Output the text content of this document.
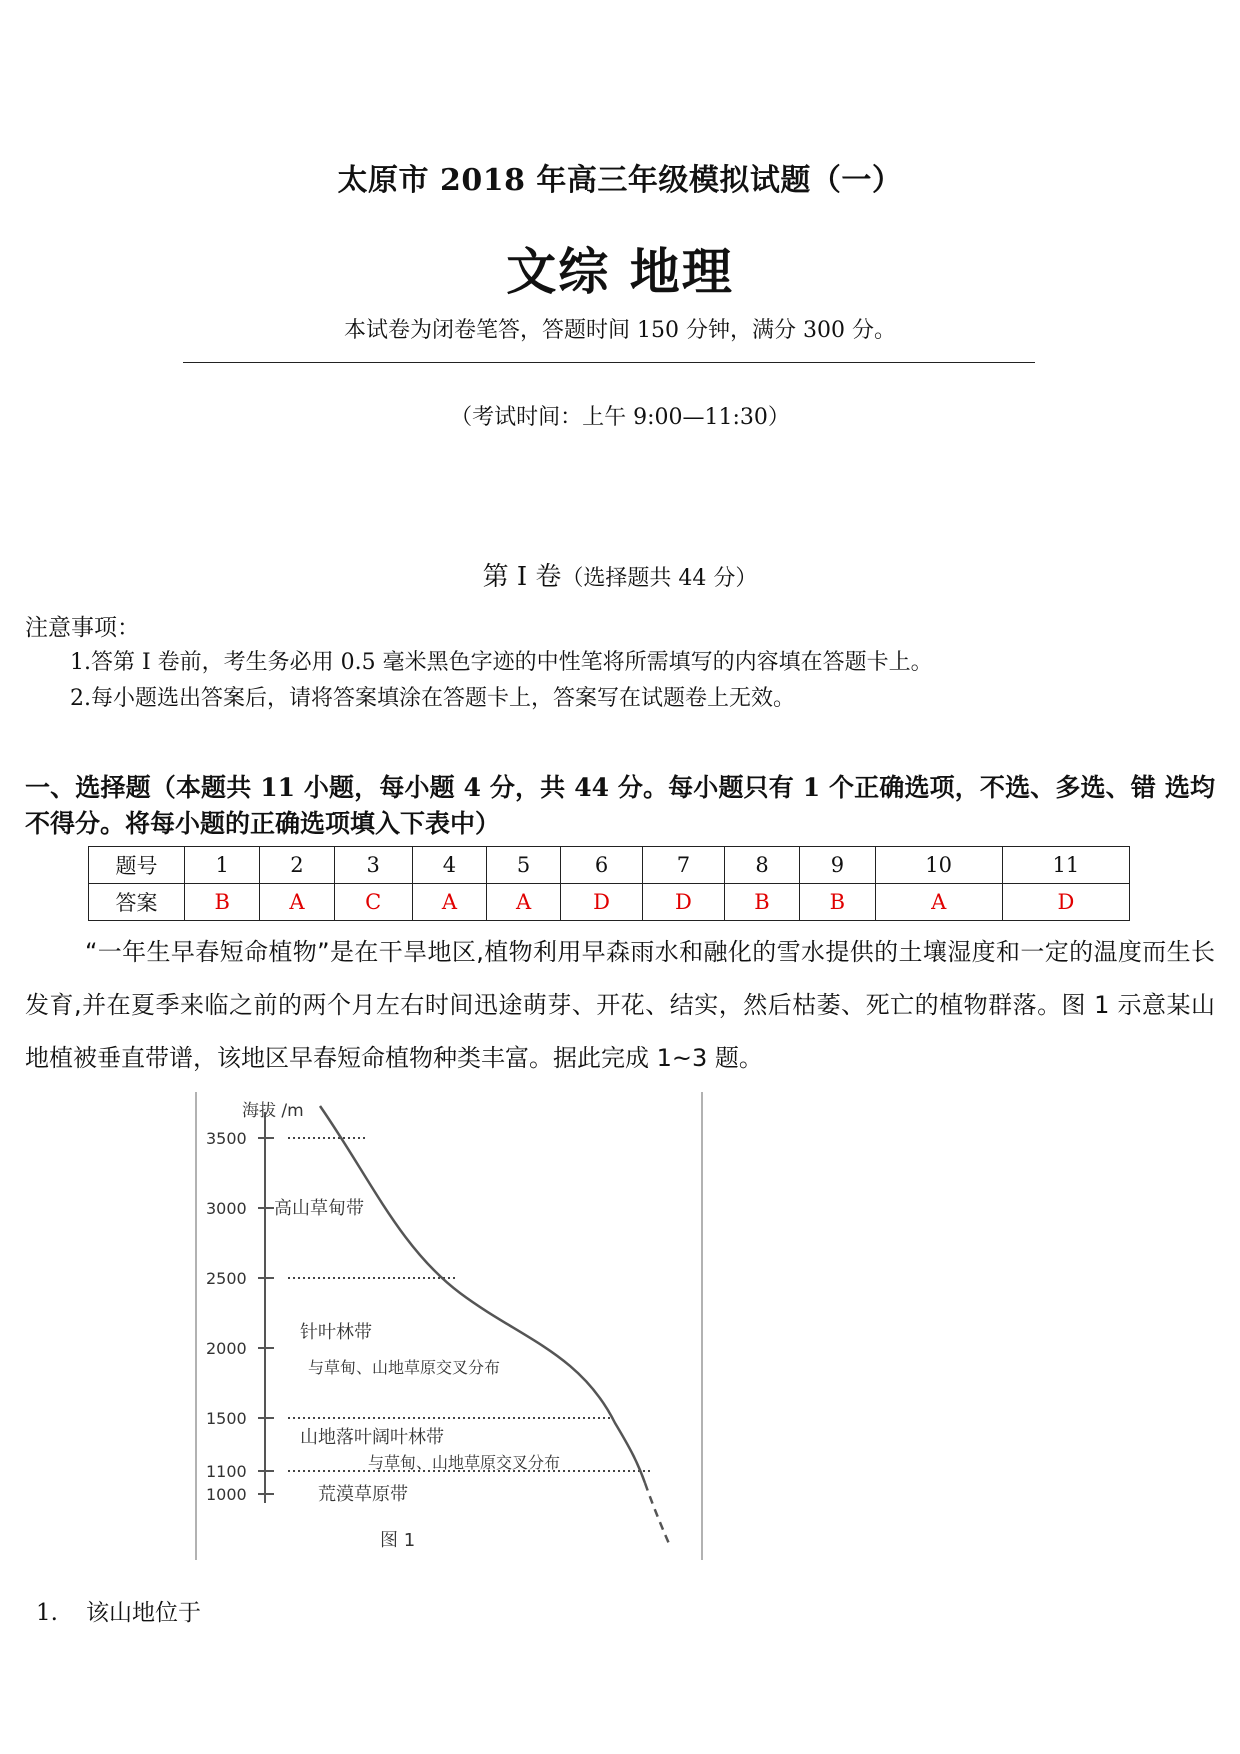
太原市 2018 年高三年级模拟试题（一）
文综 地理
本试卷为闭卷笔答，答题时间 150 分钟，满分 300 分。
（考试时间：上午 9:00—11:30）
第 Ⅰ 卷（选择题共 44 分）
注意事项：
1.答第 I 卷前，考生务必用 0.5 毫米黑色字迹的中性笔将所需填写的内容填在答题卡上。
2.每小题选出答案后，请将答案填涂在答题卡上，答案写在试题卷上无效。
一、选择题（本题共 11 小题，每小题 4 分，共 44 分。每小题只有 1 个正确选项，不选、多选、错 选均不得分。将每小题的正确选项填入下表中）
题号	1	2	3	4	5	6	7	8	9	10	11
答案	B	A	C	A	A	D	D	B	B	A	D
“一年生早春短命植物”是在干旱地区,植物利用早森雨水和融化的雪水提供的土壤湿度和一定的温度而生长发育,并在夏季来临之前的两个月左右时间迅途萌芽、开花、结实，然后枯萎、死亡的植物群落。图 1 示意某山地植被垂直带谱，该地区早春短命植物种类丰富。据此完成 1~3 题。
海拔 /m
3500
3000
2500
2000
1500
1100
1000
高山草甸带
针叶林带
与草甸、山地草原交叉分布
山地落叶阔叶林带
与草甸、山地草原交叉分布
荒漠草原带
图 1
1. 该山地位于
